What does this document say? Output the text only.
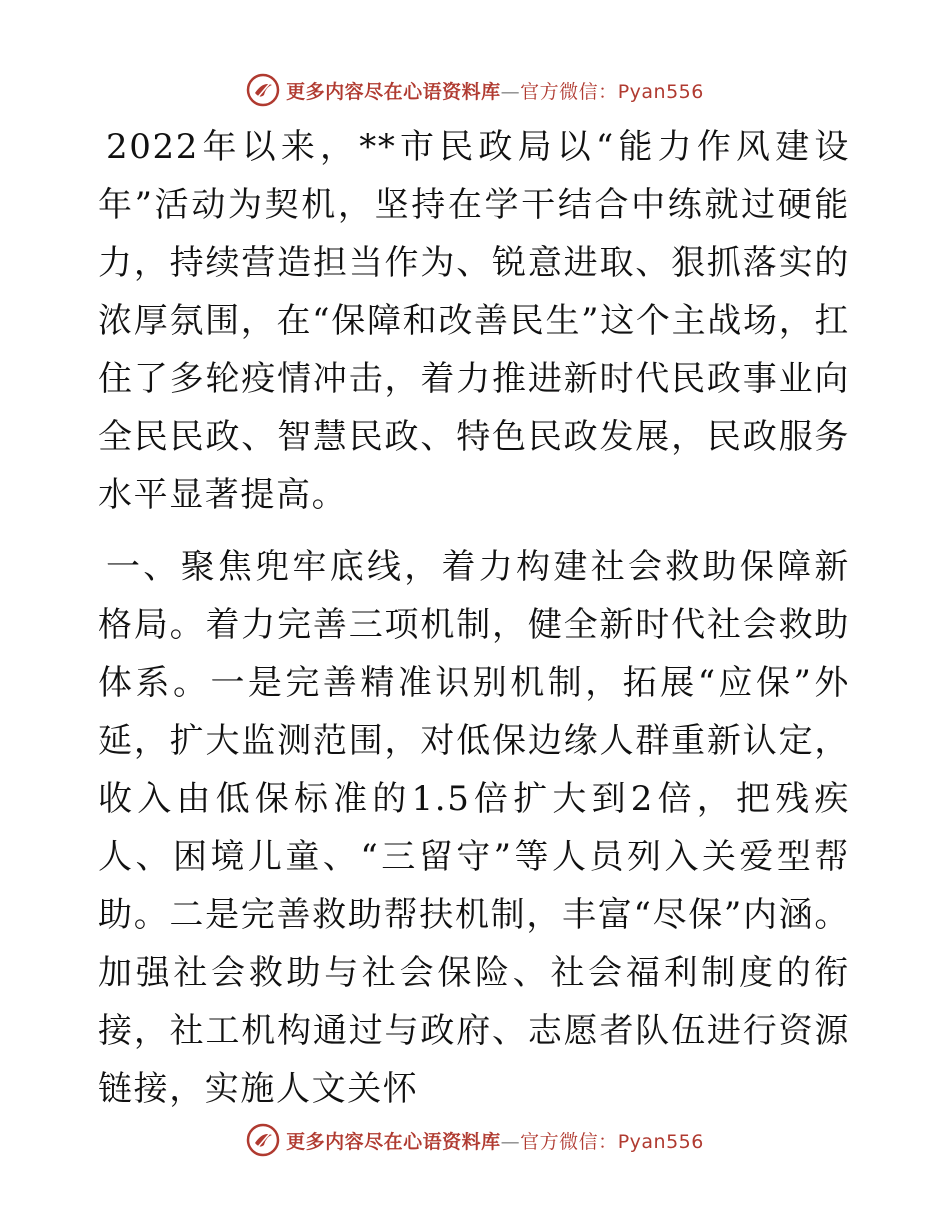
更多内容尽在心语资料库—官方微信：Pyan556

2022年以来，**市民政局以“能力作风建设年”活动为契机，坚持在学干结合中练就过硬能力，持续营造担当作为、锐意进取、狠抓落实的浓厚氛围，在“保障和改善民生”这个主战场，扛住了多轮疫情冲击，着力推进新时代民政事业向全民民政、智慧民政、特色民政发展，民政服务水平显著提高。

一、聚焦兜牢底线，着力构建社会救助保障新格局。着力完善三项机制，健全新时代社会救助体系。一是完善精准识别机制，拓展“应保”外延，扩大监测范围，对低保边缘人群重新认定，收入由低保标准的1.5倍扩大到2倍，把残疾人、困境儿童、“三留守”等人员列入关爱型帮助。二是完善救助帮扶机制，丰富“尽保”内涵。加强社会救助与社会保险、社会福利制度的衔接，社工机构通过与政府、志愿者队伍进行资源链接，实施人文关怀

更多内容尽在心语资料库—官方微信：Pyan556
